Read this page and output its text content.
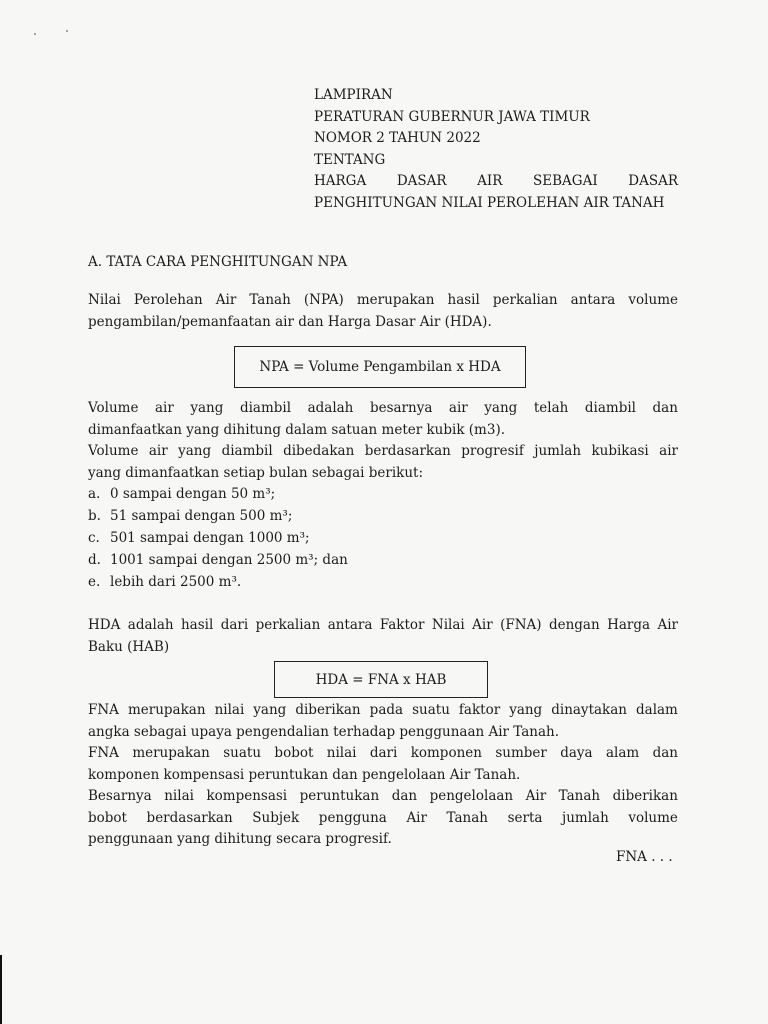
LAMPIRAN
PERATURAN GUBERNUR JAWA TIMUR
NOMOR 2 TAHUN 2022
TENTANG
HARGA DASAR AIR SEBAGAI DASAR
PENGHITUNGAN NILAI PEROLEHAN AIR TANAH
A. TATA CARA PENGHITUNGAN NPA
Nilai Perolehan Air Tanah (NPA) merupakan hasil perkalian antara volume
pengambilan/pemanfaatan air dan Harga Dasar Air (HDA).
NPA = Volume Pengambilan x HDA
Volume air yang diambil adalah besarnya air yang telah diambil dan
dimanfaatkan yang dihitung dalam satuan meter kubik (m3).
Volume air yang diambil dibedakan berdasarkan progresif jumlah kubikasi air
yang dimanfaatkan setiap bulan sebagai berikut:
a. 0 sampai dengan 50 m³;
b. 51 sampai dengan 500 m³;
c. 501 sampai dengan 1000 m³;
d. 1001 sampai dengan 2500 m³; dan
e. lebih dari 2500 m³.
HDA adalah hasil dari perkalian antara Faktor Nilai Air (FNA) dengan Harga Air
Baku (HAB)
HDA = FNA x HAB
FNA merupakan nilai yang diberikan pada suatu faktor yang dinaytakan dalam
angka sebagai upaya pengendalian terhadap penggunaan Air Tanah.
FNA merupakan suatu bobot nilai dari komponen sumber daya alam dan
komponen kompensasi peruntukan dan pengelolaan Air Tanah.
Besarnya nilai kompensasi peruntukan dan pengelolaan Air Tanah diberikan
bobot berdasarkan Subjek pengguna Air Tanah serta jumlah volume
penggunaan yang dihitung secara progresif.
FNA . . .
